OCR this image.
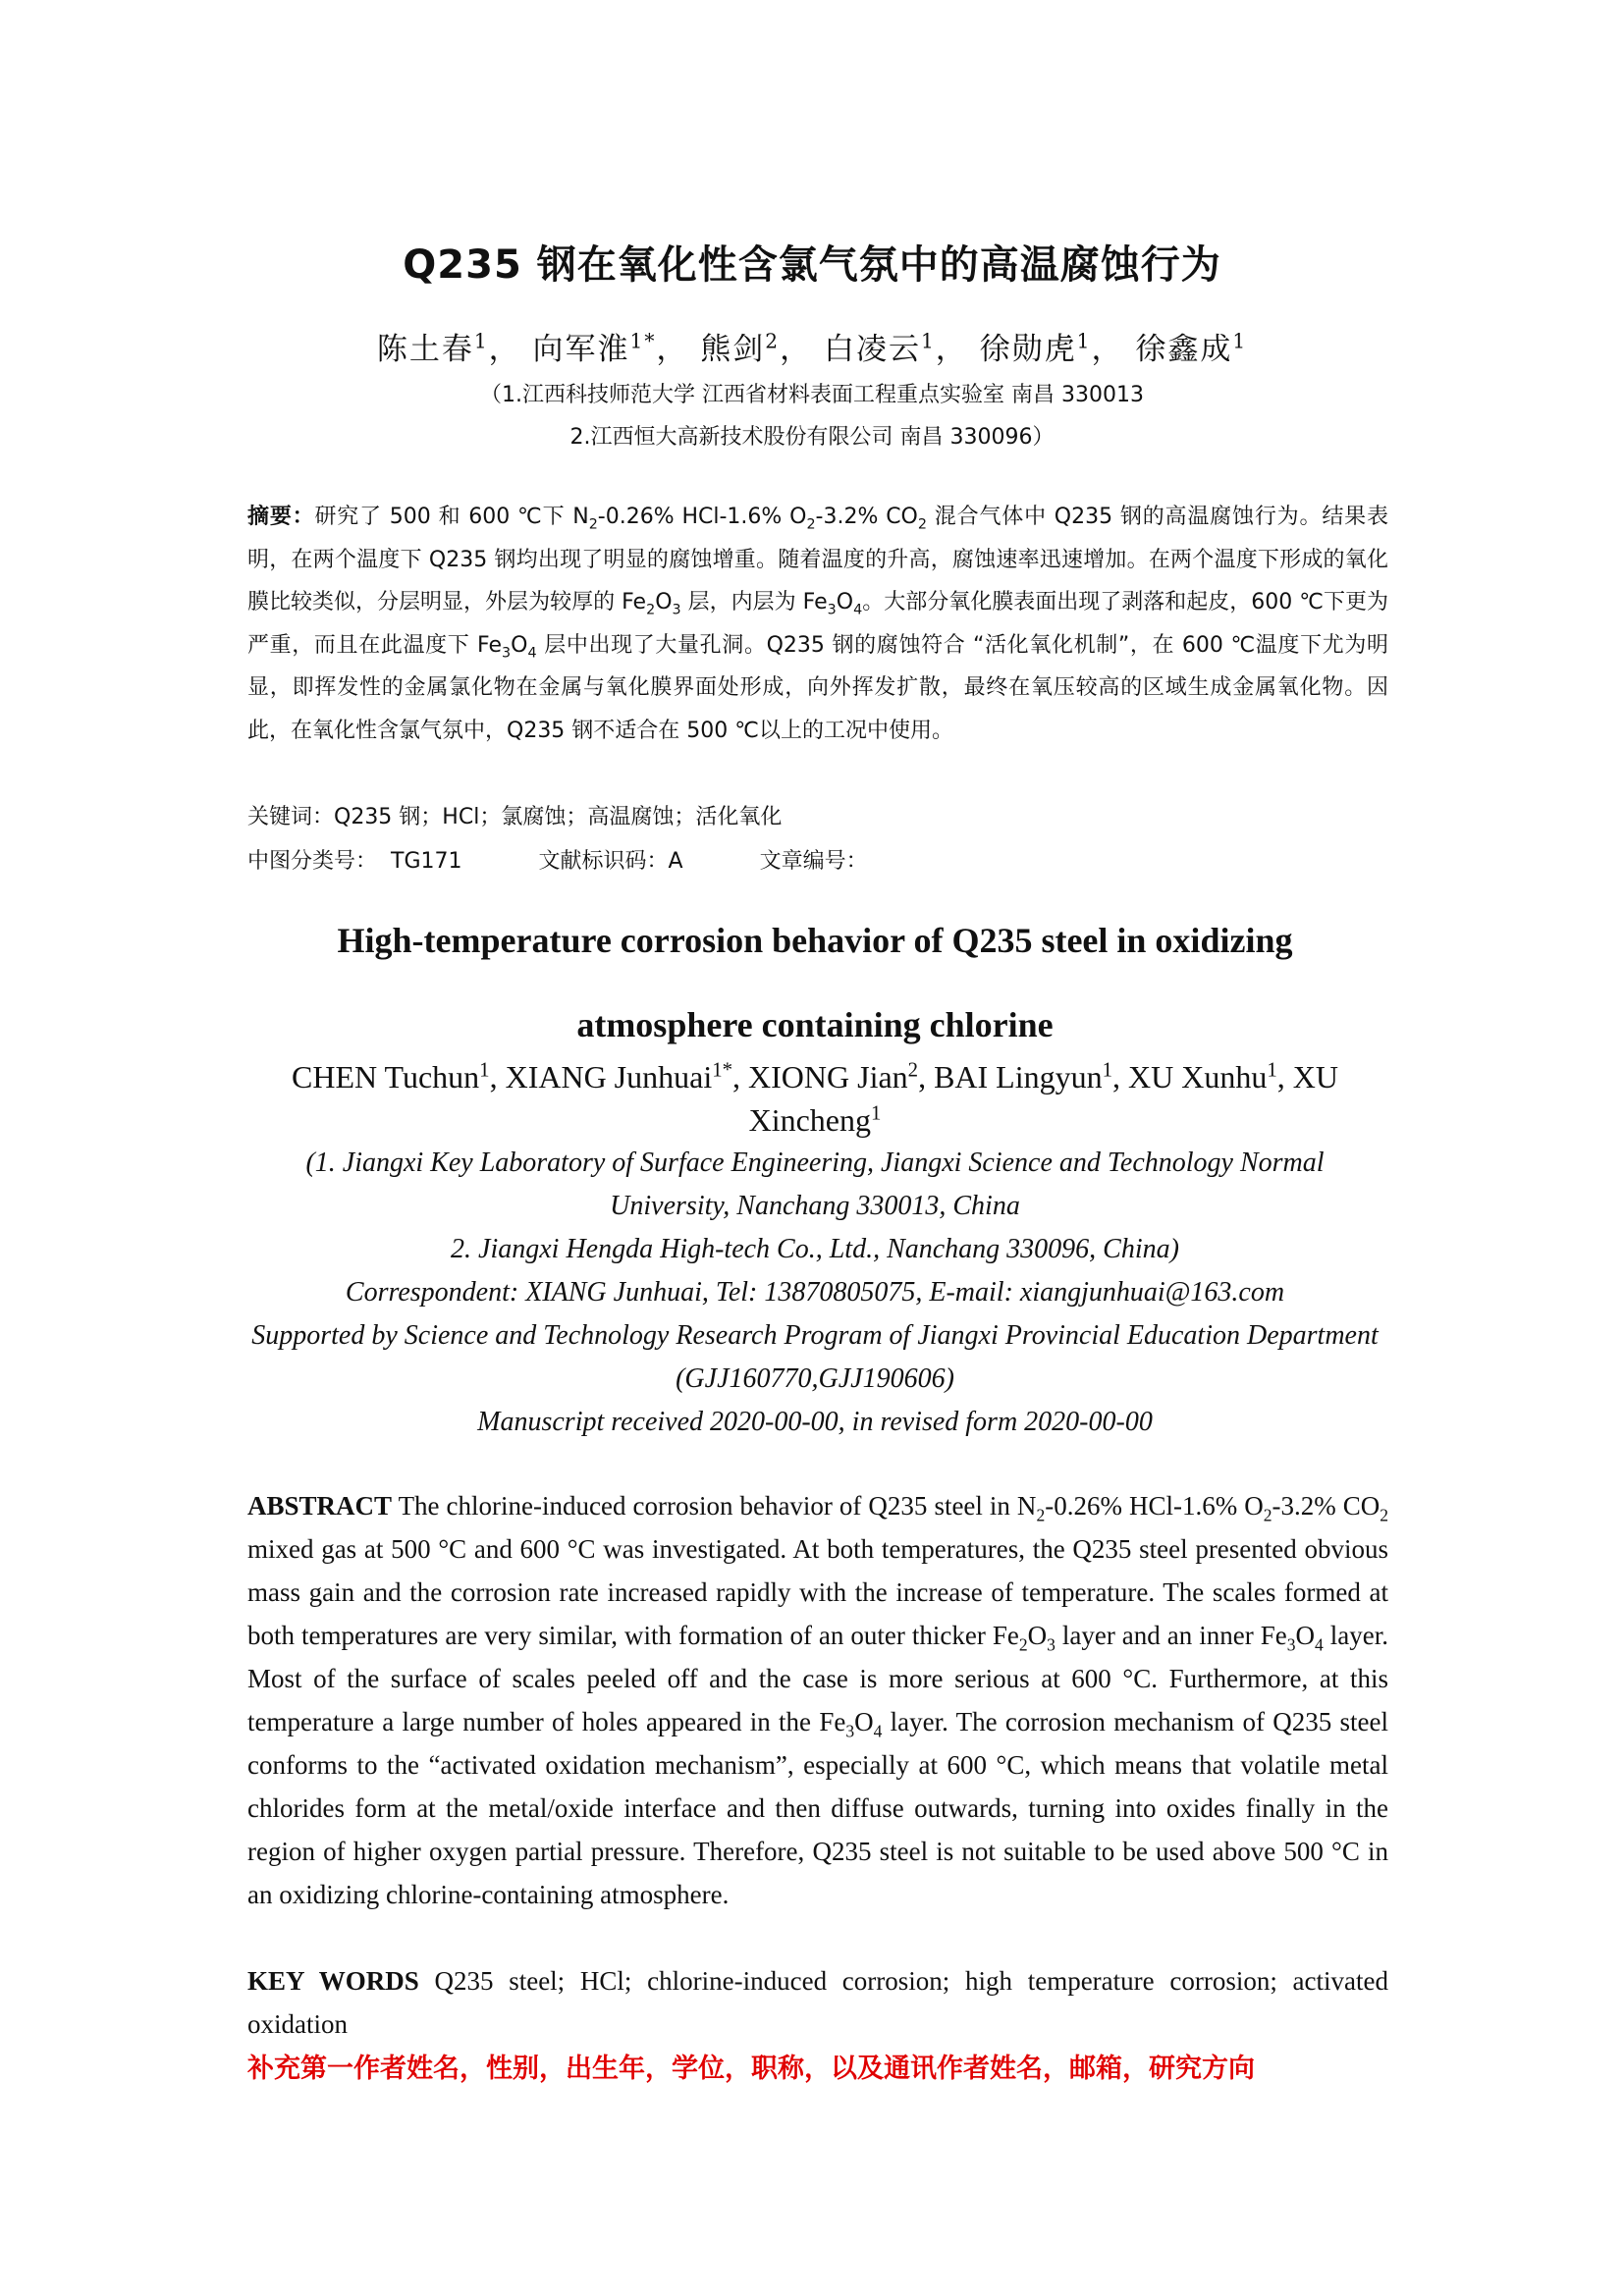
Q235 钢在氧化性含氯气氛中的高温腐蚀行为
陈土春$^1$， 向军淮$^{1*}$， 熊剑$^2$， 白凌云$^1$， 徐勋虎$^1$， 徐鑫成$^1$
（1.江西科技师范大学 江西省材料表面工程重点实验室 南昌 330013
2.江西恒大高新技术股份有限公司 南昌 330096）
摘要：研究了 500 和 600 ℃下 $N_2-0.26\%$ HCl-1.6% $O_2-3.2\%$ $CO_2$ 混合气体中 Q235 钢的高温腐蚀行为。结果表明，在两个温度下 Q235 钢均出现了明显的腐蚀增重。随着温度的升高，腐蚀速率迅速增加。在两个温度下形成的氧化膜比较类似，分层明显，外层为较厚的 $Fe_2O_3$ 层，内层为 $Fe_3O_4$。大部分氧化膜表面出现了剥落和起皮，600 ℃下更为严重，而且在此温度下 $Fe_3O_4$ 层中出现了大量孔洞。Q235 钢的腐蚀符合 “活化氧化机制”，在 600 ℃温度下尤为明显，即挥发性的金属氯化物在金属与氧化膜界面处形成，向外挥发扩散，最终在氧压较高的区域生成金属氧化物。因此，在氧化性含氯气氛中，Q235 钢不适合在 500 ℃以上的工况中使用。
关键词：Q235 钢；HCl；氯腐蚀；高温腐蚀；活化氧化
中图分类号： TG171	文献标识码：A	文章编号：
High-temperature corrosion behavior of Q235 steel in oxidizing
atmosphere containing chlorine
CHEN Tuchun$^1$, XIANG Junhuai$^{1*}$, XIONG Jian$^2$, BAI Lingyun$^1$, XU Xunhu$^1$, XU Xincheng$^1$
(1. Jiangxi Key Laboratory of Surface Engineering, Jiangxi Science and Technology Normal University, Nanchang 330013, China
2. Jiangxi Hengda High-tech Co., Ltd., Nanchang 330096, China)
Correspondent: XIANG Junhuai, Tel: 13870805075, E-mail: xiangjunhuai@163.com
Supported by Science and Technology Research Program of Jiangxi Provincial Education Department (GJJ160770,GJJ190606)
Manuscript received 2020-00-00, in revised form 2020-00-00
ABSTRACT The chlorine-induced corrosion behavior of Q235 steel in $N_2-0.26\%$ HCl-1.6% $O_2-3.2\%$ $CO_2$ mixed gas at 500 °C and 600 °C was investigated. At both temperatures, the Q235 steel presented obvious mass gain and the corrosion rate increased rapidly with the increase of temperature. The scales formed at both temperatures are very similar, with formation of an outer thicker $Fe_2O_3$ layer and an inner $Fe_3O_4$ layer. Most of the surface of scales peeled off and the case is more serious at 600 °C. Furthermore, at this temperature a large number of holes appeared in the $Fe_3O_4$ layer. The corrosion mechanism of Q235 steel conforms to the “activated oxidation mechanism”, especially at 600 °C, which means that volatile metal chlorides form at the metal/oxide interface and then diffuse outwards, turning into oxides finally in the region of higher oxygen partial pressure. Therefore, Q235 steel is not suitable to be used above 500 °C in an oxidizing chlorine-containing atmosphere.
KEY WORDS Q235 steel; HCl; chlorine-induced corrosion; high temperature corrosion; activated oxidation
补充第一作者姓名，性别，出生年，学位，职称，以及通讯作者姓名，邮箱，研究方向
